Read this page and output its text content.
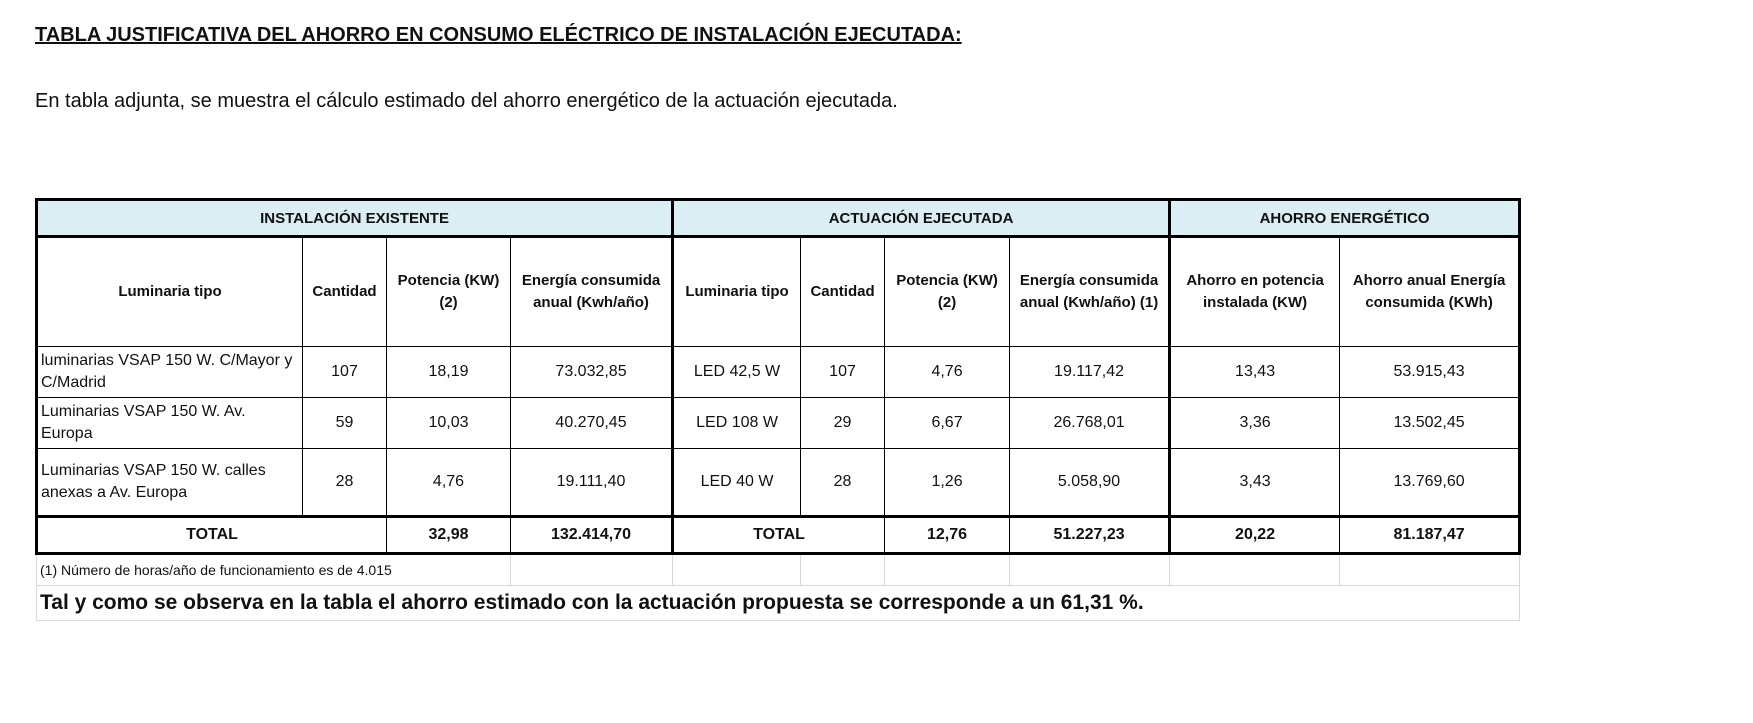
TABLA JUSTIFICATIVA DEL AHORRO EN CONSUMO ELÉCTRICO DE INSTALACIÓN EJECUTADA:
En tabla adjunta, se muestra el cálculo estimado del ahorro energético de la actuación ejecutada.
INSTALACIÓN EXISTENTE				ACTUACIÓN EJECUTADA				AHORRO ENERGÉTICO	
Luminaria tipo	Cantidad	Potencia (KW) (2)	Energía consumida anual (Kwh/año)	Luminaria tipo	Cantidad	Potencia (KW) (2)	Energía consumida anual (Kwh/año) (1)	Ahorro en potencia instalada (KW)	Ahorro anual Energía consumida (KWh)
luminarias VSAP 150 W. C/Mayor y C/Madrid	107	18,19	73.032,85	LED 42,5 W	107	4,76	19.117,42	13,43	53.915,43
Luminarias VSAP 150 W. Av. Europa	59	10,03	40.270,45	LED 108 W	29	6,67	26.768,01	3,36	13.502,45
Luminarias VSAP 150 W. calles anexas a Av. Europa	28	4,76	19.111,40	LED 40 W	28	1,26	5.058,90	3,43	13.769,60
TOTAL		32,98	132.414,70	TOTAL		12,76	51.227,23	20,22	81.187,47
(1) Número de horas/año de funcionamiento es de 4.015									
Tal y como se observa en la tabla el ahorro estimado con la actuación propuesta se corresponde a un 61,31 %.									
